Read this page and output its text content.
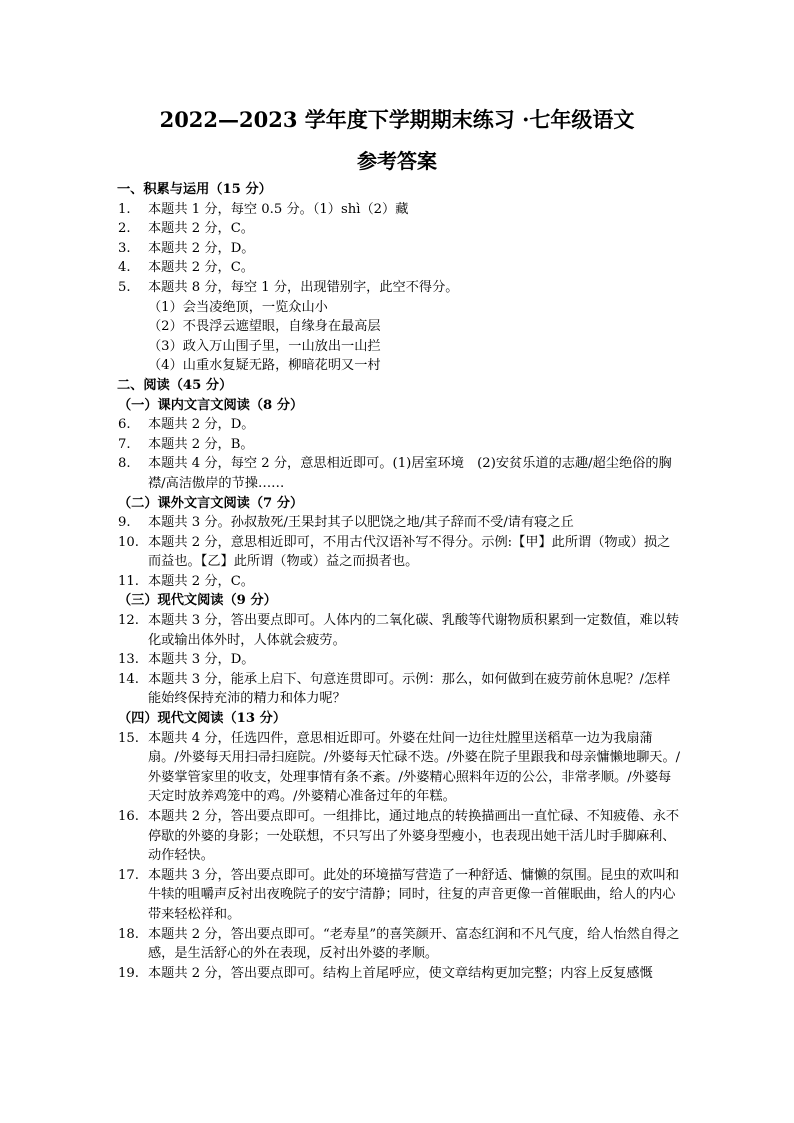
2022—2023 学年度下学期期末练习 ·七年级语文
参考答案
一、积累与运用（15 分）
1.	本题共 1 分，每空 0.5 分。（1）shì（2）藏
2.	本题共 2 分，C。
3.	本题共 2 分，D。
4.	本题共 2 分，C。
5.	本题共 8 分，每空 1 分，出现错别字，此空不得分。
（1）会当凌绝顶，一览众山小
（2）不畏浮云遮望眼，自缘身在最高层
（3）政入万山围子里，一山放出一山拦
（4）山重水复疑无路，柳暗花明又一村
二、阅读（45 分）
（一）课内文言文阅读（8 分）
6.	本题共 2 分，D。
7.	本题共 2 分，B。
8.	本题共 4 分，每空 2 分，意思相近即可。(1)居室环境　(2)安贫乐道的志趣/超尘绝俗的胸襟/高洁傲岸的节操……
（二）课外文言文阅读（7 分）
9.	本题共 3 分。孙叔敖死/王果封其子以肥饶之地/其子辞而不受/请有寝之丘
10. 本题共 2 分，意思相近即可，不用古代汉语补写不得分。示例:【甲】此所谓（物或）损之而益也。【乙】此所谓（物或）益之而损者也。
11. 本题共 2 分，C。
（三）现代文阅读（9 分）
12. 本题共 3 分，答出要点即可。人体内的二氧化碳、乳酸等代谢物质积累到一定数值，难以转化或输出体外时，人体就会疲劳。
13. 本题共 3 分，D。
14. 本题共 3 分，能承上启下、句意连贯即可。示例：那么，如何做到在疲劳前休息呢？/怎样能始终保持充沛的精力和体力呢？
（四）现代文阅读（13 分）
15. 本题共 4 分，任选四件，意思相近即可。外婆在灶间一边往灶膛里送稻草一边为我扇蒲扇。/外婆每天用扫帚扫庭院。/外婆每天忙碌不迭。/外婆在院子里跟我和母亲慵懒地聊天。/外婆掌管家里的收支，处理事情有条不紊。/外婆精心照料年迈的公公，非常孝顺。/外婆每天定时放养鸡笼中的鸡。/外婆精心准备过年的年糕。
16. 本题共 2 分，答出要点即可。一组排比，通过地点的转换描画出一直忙碌、不知疲倦、永不停歇的外婆的身影；一处联想，不只写出了外婆身型瘦小，也表现出她干活儿时手脚麻利、动作轻快。
17. 本题共 3 分，答出要点即可。此处的环境描写营造了一种舒适、慵懒的氛围。昆虫的欢叫和牛犊的咀嚼声反衬出夜晚院子的安宁清静；同时，往复的声音更像一首催眠曲，给人的内心带来轻松祥和。
18. 本题共 2 分，答出要点即可。“老寿星”的喜笑颜开、富态红润和不凡气度，给人怡然自得之感，是生活舒心的外在表现，反衬出外婆的孝顺。
19. 本题共 2 分，答出要点即可。结构上首尾呼应，使文章结构更加完整；内容上反复感慨
